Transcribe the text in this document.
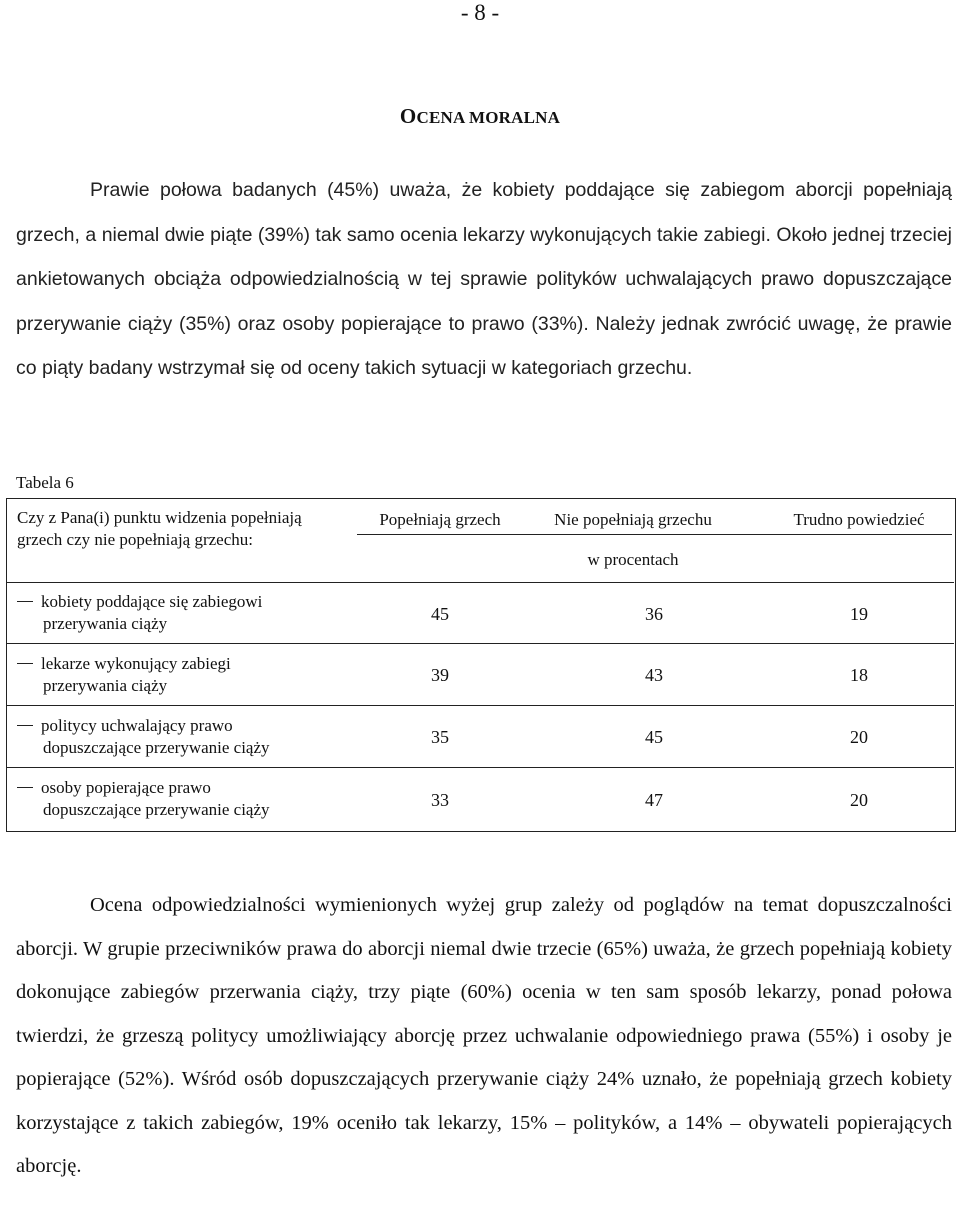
- 8 -
OCENA MORALNA

Prawie połowa badanych (45%) uważa, że kobiety poddające się zabiegom aborcji popełniają grzech, a niemal dwie piąte (39%) tak samo ocenia lekarzy wykonujących takie zabiegi. Około jednej trzeciej ankietowanych obciąża odpowiedzialnością w tej sprawie polityków uchwalających prawo dopuszczające przerywanie ciąży (35%) oraz osoby popierające to prawo (33%). Należy jednak zwrócić uwagę, że prawie co piąty badany wstrzymał się od oceny takich sytuacji w kategoriach grzechu.

Tabela 6
Czy z Pana(i) punktu widzenia popełniają grzech czy nie popełniają grzechu:
Popełniają grzech	Nie popełniają grzechu	Trudno powiedzieć
w procentach
kobiety poddające się zabiegowi
przerywania ciąży	45	36	19
lekarze wykonujący zabiegi
przerywania ciąży
39	43	18
politycy uchwalający prawo
dopuszczające przerywanie ciąży
35	45	20
osoby popierające prawo
dopuszczające przerywanie ciąży	33	47	20

Ocena odpowiedzialności wymienionych wyżej grup zależy od poglądów na temat dopuszczalności aborcji. W grupie przeciwników prawa do aborcji niemal dwie trzecie (65%) uważa, że grzech popełniają kobiety dokonujące zabiegów przerwania ciąży, trzy piąte (60%) ocenia w ten sam sposób lekarzy, ponad połowa twierdzi, że grzeszą politycy umożliwiający aborcję przez uchwalanie odpowiedniego prawa (55%) i osoby je popierające (52%). Wśród osób dopuszczających przerywanie ciąży 24% uznało, że popełniają grzech kobiety korzystające z takich zabiegów, 19% oceniło tak lekarzy, 15% – polityków, a 14% – obywateli popierających aborcję.
